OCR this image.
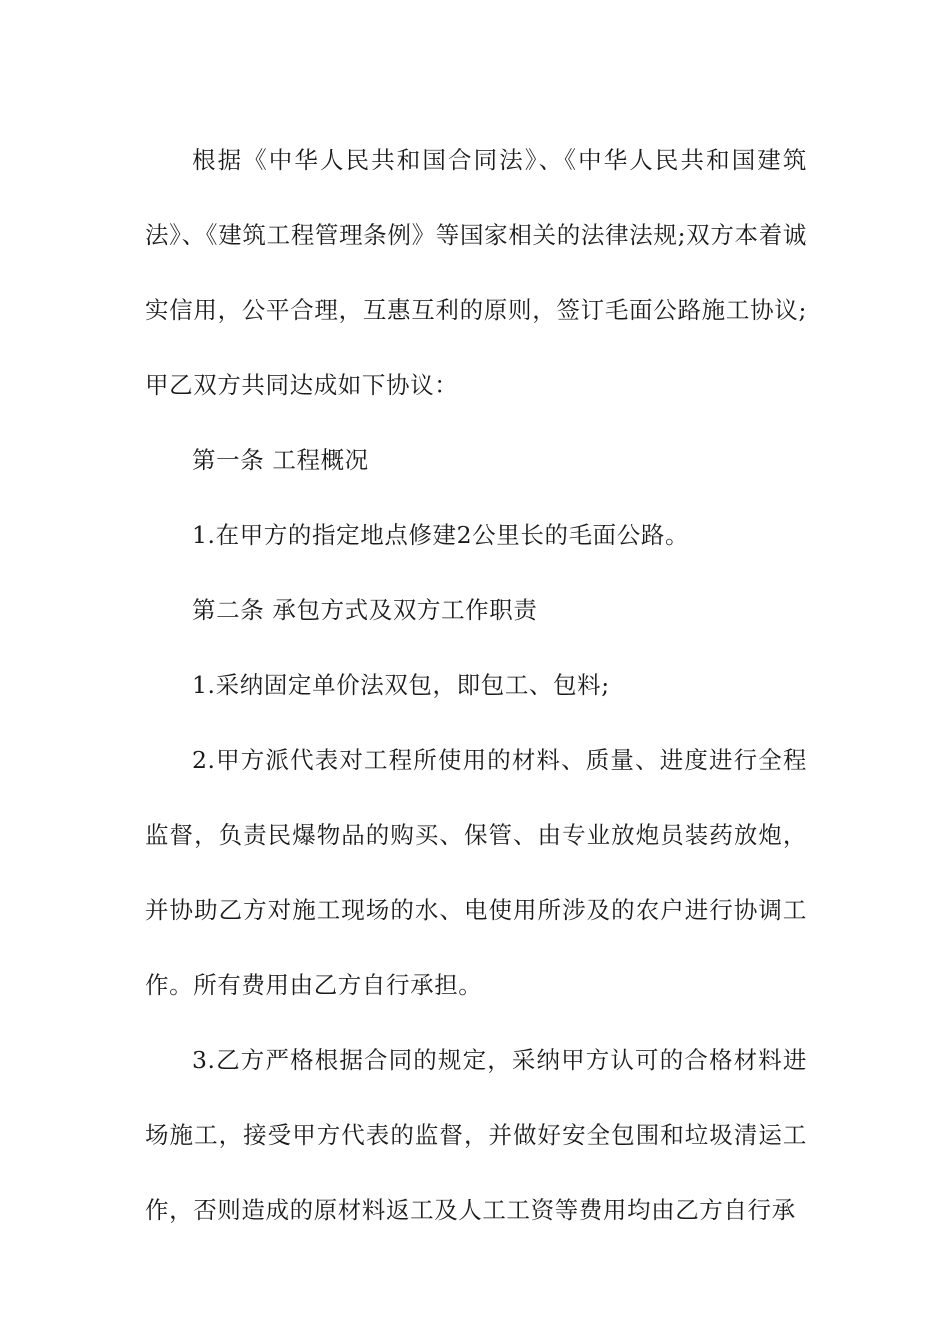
根据《中华人民共和国合同法》、《中华人民共和国建筑法》、《建筑工程管理条例》等国家相关的法律法规;双方本着诚实信用，公平合理，互惠互利的原则，签订毛面公路施工协议;甲乙双方共同达成如下协议：

第一条 工程概况

1.在甲方的指定地点修建2公里长的毛面公路。

第二条 承包方式及双方工作职责

1.采纳固定单价法双包，即包工、包料;

2.甲方派代表对工程所使用的材料、质量、进度进行全程监督，负责民爆物品的购买、保管、由专业放炮员装药放炮，并协助乙方对施工现场的水、电使用所涉及的农户进行协调工作。所有费用由乙方自行承担。

3.乙方严格根据合同的规定，采纳甲方认可的合格材料进场施工，接受甲方代表的监督，并做好安全包围和垃圾清运工作，否则造成的原材料返工及人工工资等费用均由乙方自行承
